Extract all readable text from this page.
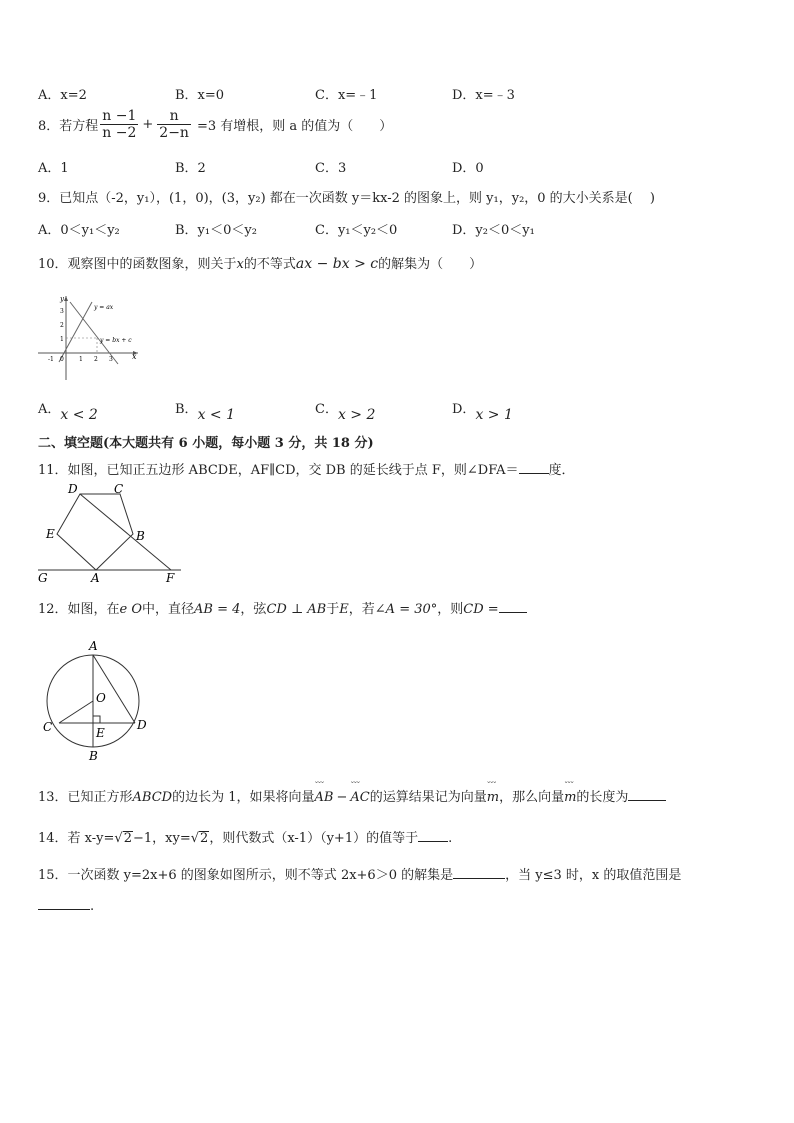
A．x=2	B．x=0	C．x=﹣1	D．x=﹣3
8．若方程 $\frac{n -1}{n -2} + \frac{n}{2-n} =3$ 有增根，则 a 的值为（　　）
A．1	B．2	C．3	D．0
9．已知点（-2，y₁），(1，0)，(3，y₂) 都在一次函数 y＝kx-2 的图象上，则 y₁，y₂，0 的大小关系是(　 )
A．0＜y₁＜y₂	B．y₁＜0＜y₂	C．y₁＜y₂＜0	D．y₂＜0＜y₁
10．观察图中的函数图象，则关于x的不等式ax − bx > c的解集为（　　）
y
x
y = ax
y = bx + c
3
2
1
-1	1 2 3
0
A．x < 2	B．x < 1	C．x > 2	D．x > 1
二、填空题(本大题共有 6 小题，每小题 3 分，共 18 分)
11．如图，已知正五边形 ABCDE，AF∥CD，交 DB 的延长线于点 F，则∠DFA＝ 度．
D	C
E	B
G	A	F
12．如图，在e O中，直径AB = 4，弦CD ⊥ AB于E，若∠A = 30°，则CD =
A
O
C	D
E
B
13．已知正方形ABCD的边长为 1，如果将向量˘˘˘ AB −˘˘˘ AC的运算结果记为向量˘˘˘ m，那么向量˘˘˘ m的长度为
14．若 x-y=√2−1，xy=√2，则代数式（x-1）（y+1）的值等于 .
15．一次函数 y=2x+6 的图象如图所示，则不等式 2x+6＞0 的解集是	，当 y≤3 时，x 的取值范围是
.
